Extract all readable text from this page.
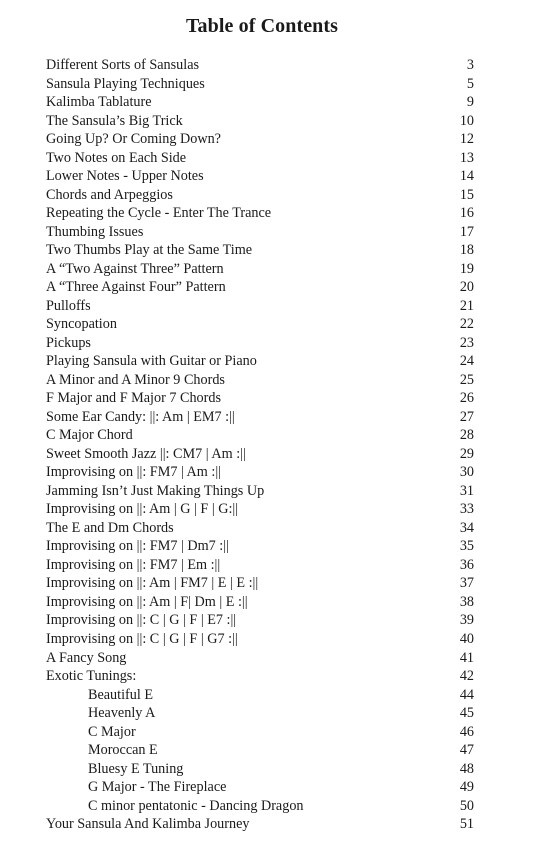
Table of Contents
Different Sorts of Sansulas	3
Sansula Playing Techniques	5
Kalimba Tablature	9
The Sansula’s Big Trick	10
Going Up? Or Coming Down?	12
Two Notes on Each Side	13
Lower Notes - Upper Notes	14
Chords and Arpeggios	15
Repeating the Cycle - Enter The Trance	16
Thumbing Issues	17
Two Thumbs Play at the Same Time	18
A “Two Against Three” Pattern	19
A “Three Against Four” Pattern	20
Pulloffs	21
Syncopation	22
Pickups	23
Playing Sansula with Guitar or Piano	24
A Minor and A Minor 9 Chords	25
F Major and F Major 7 Chords	26
Some Ear Candy: ||: Am | EM7 :||	27
C Major Chord	28
Sweet Smooth Jazz ||: CM7 | Am :||	29
Improvising on ||: FM7 | Am :||	30
Jamming Isn’t Just Making Things Up	31
Improvising on ||: Am | G | F | G:||	33
The E and Dm Chords	34
Improvising on ||: FM7 | Dm7 :||	35
Improvising on ||: FM7 | Em :||	36
Improvising on ||: Am | FM7 | E | E :||	37
Improvising on ||: Am | F| Dm | E :||	38
Improvising on ||: C | G | F | E7 :||	39
Improvising on ||: C | G | F | G7 :||	40
A Fancy Song	41
Exotic Tunings:	42
Beautiful E	44
Heavenly A	45
C Major	46
Moroccan E	47
Bluesy E Tuning	48
G Major - The Fireplace	49
C minor pentatonic - Dancing Dragon	50
Your Sansula And Kalimba Journey	51
